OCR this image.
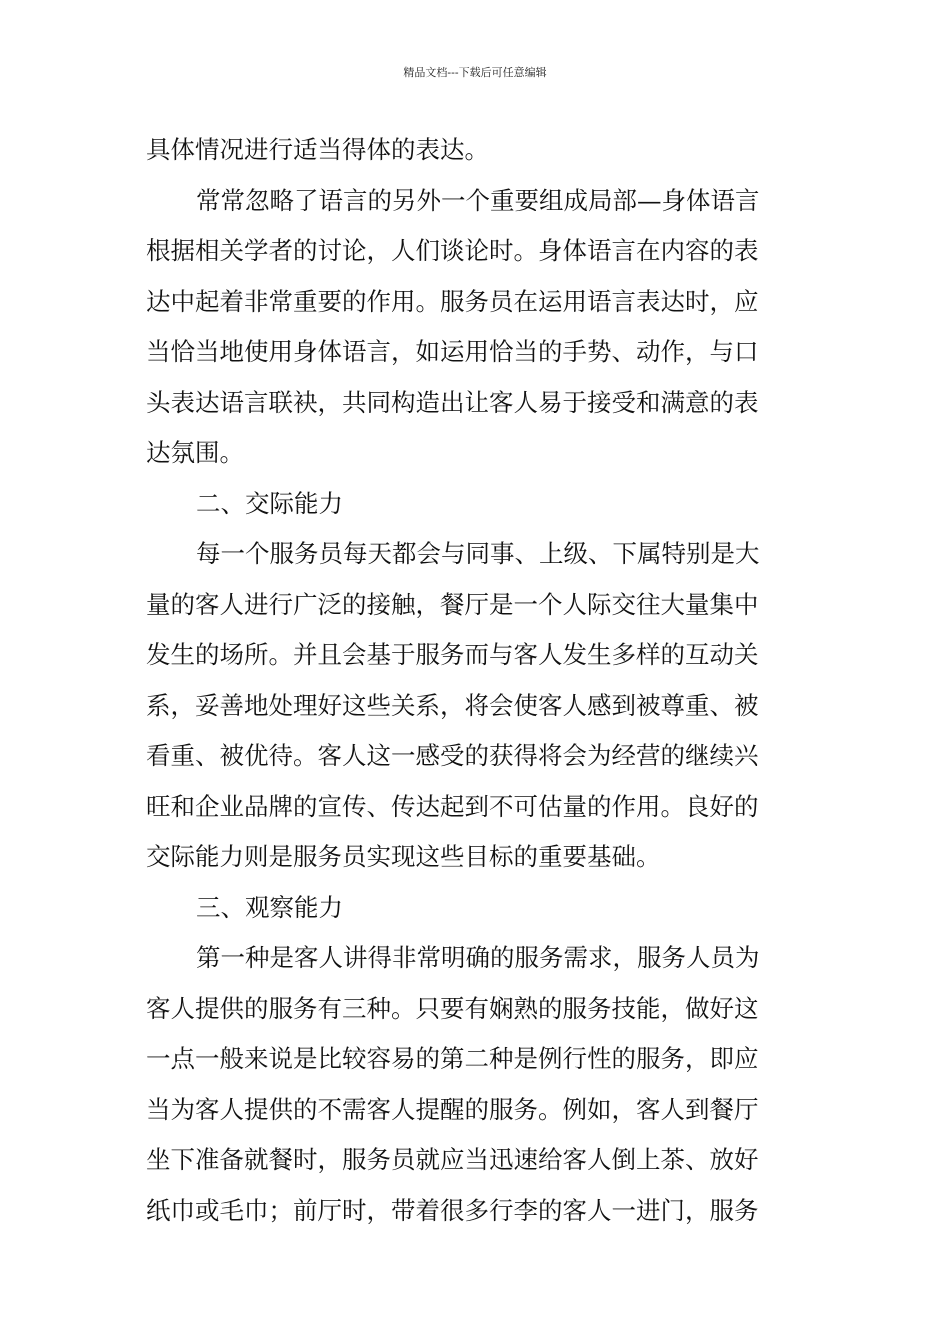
精品文档---下载后可任意编辑
具体情况进行适当得体的表达。
常常忽略了语言的另外一个重要组成局部—身体语言
根据相关学者的讨论，人们谈论时。身体语言在内容的表
达中起着非常重要的作用。服务员在运用语言表达时，应
当恰当地使用身体语言，如运用恰当的手势、动作，与口
头表达语言联袂，共同构造出让客人易于接受和满意的表
达氛围。
二、交际能力
每一个服务员每天都会与同事、上级、下属特别是大
量的客人进行广泛的接触，餐厅是一个人际交往大量集中
发生的场所。并且会基于服务而与客人发生多样的互动关
系，妥善地处理好这些关系，将会使客人感到被尊重、被
看重、被优待。客人这一感受的获得将会为经营的继续兴
旺和企业品牌的宣传、传达起到不可估量的作用。良好的
交际能力则是服务员实现这些目标的重要基础。
三、观察能力
第一种是客人讲得非常明确的服务需求，服务人员为
客人提供的服务有三种。只要有娴熟的服务技能，做好这
一点一般来说是比较容易的第二种是例行性的服务，即应
当为客人提供的不需客人提醒的服务。例如，客人到餐厅
坐下准备就餐时，服务员就应当迅速给客人倒上茶、放好
纸巾或毛巾；前厅时，带着很多行李的客人一进门，服务
